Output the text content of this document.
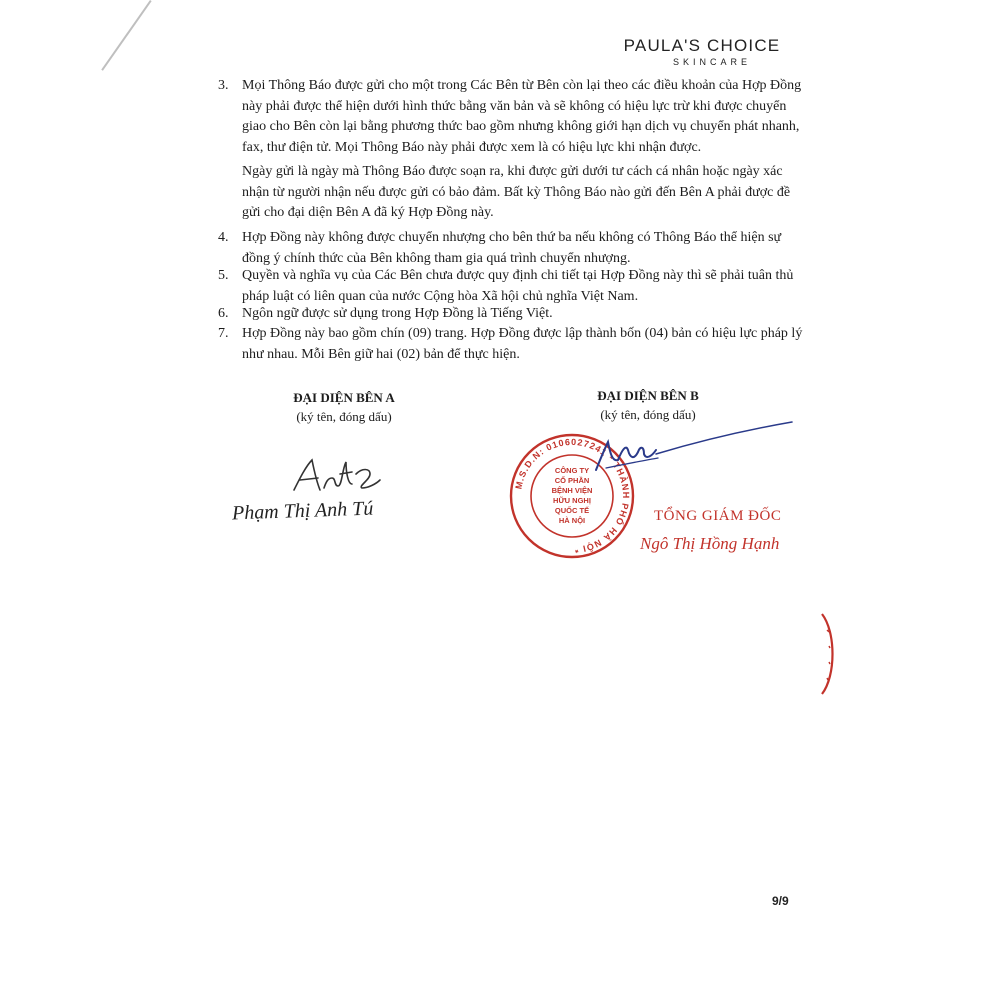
PAULA'S CHOICE
SKINCARE
3. Mọi Thông Báo được gửi cho một trong Các Bên từ Bên còn lại theo các điều khoản của Hợp Đồng này phải được thể hiện dưới hình thức bằng văn bản và sẽ không có hiệu lực trừ khi được chuyển giao cho Bên còn lại bằng phương thức bao gồm nhưng không giới hạn dịch vụ chuyển phát nhanh, fax, thư điện tử. Mọi Thông Báo này phải được xem là có hiệu lực khi nhận được.
Ngày gửi là ngày mà Thông Báo được soạn ra, khi được gửi dưới tư cách cá nhân hoặc ngày xác nhận từ người nhận nếu được gửi có bảo đảm. Bất kỳ Thông Báo nào gửi đến Bên A phải được đề gửi cho đại diện Bên A đã ký Hợp Đồng này.
4. Hợp Đồng này không được chuyển nhượng cho bên thứ ba nếu không có Thông Báo thể hiện sự đồng ý chính thức của Bên không tham gia quá trình chuyển nhượng.
5. Quyền và nghĩa vụ của Các Bên chưa được quy định chi tiết tại Hợp Đồng này thì sẽ phải tuân thủ pháp luật có liên quan của nước Cộng hòa Xã hội chủ nghĩa Việt Nam.
6. Ngôn ngữ được sử dụng trong Hợp Đồng là Tiếng Việt.
7. Hợp Đồng này bao gồm chín (09) trang. Hợp Đồng được lập thành bốn (04) bản có hiệu lực pháp lý như nhau. Mỗi Bên giữ hai (02) bản để thực hiện.
ĐẠI DIỆN BÊN A
(ký tên, đóng dấu)
ĐẠI DIỆN BÊN B
(ký tên, đóng dấu)
Phạm Thị Anh Tú
M.S.D.N: 0106027241 * THÀNH PHỐ HÀ NỘI *
CÔNG TY
CỔ PHẦN
BỆNH VIỆN
HỮU NGHỊ
QUỐC TẾ
HÀ NỘI	TỔNG GIÁM ĐỐC
Ngô Thị Hồng Hạnh
9/9
